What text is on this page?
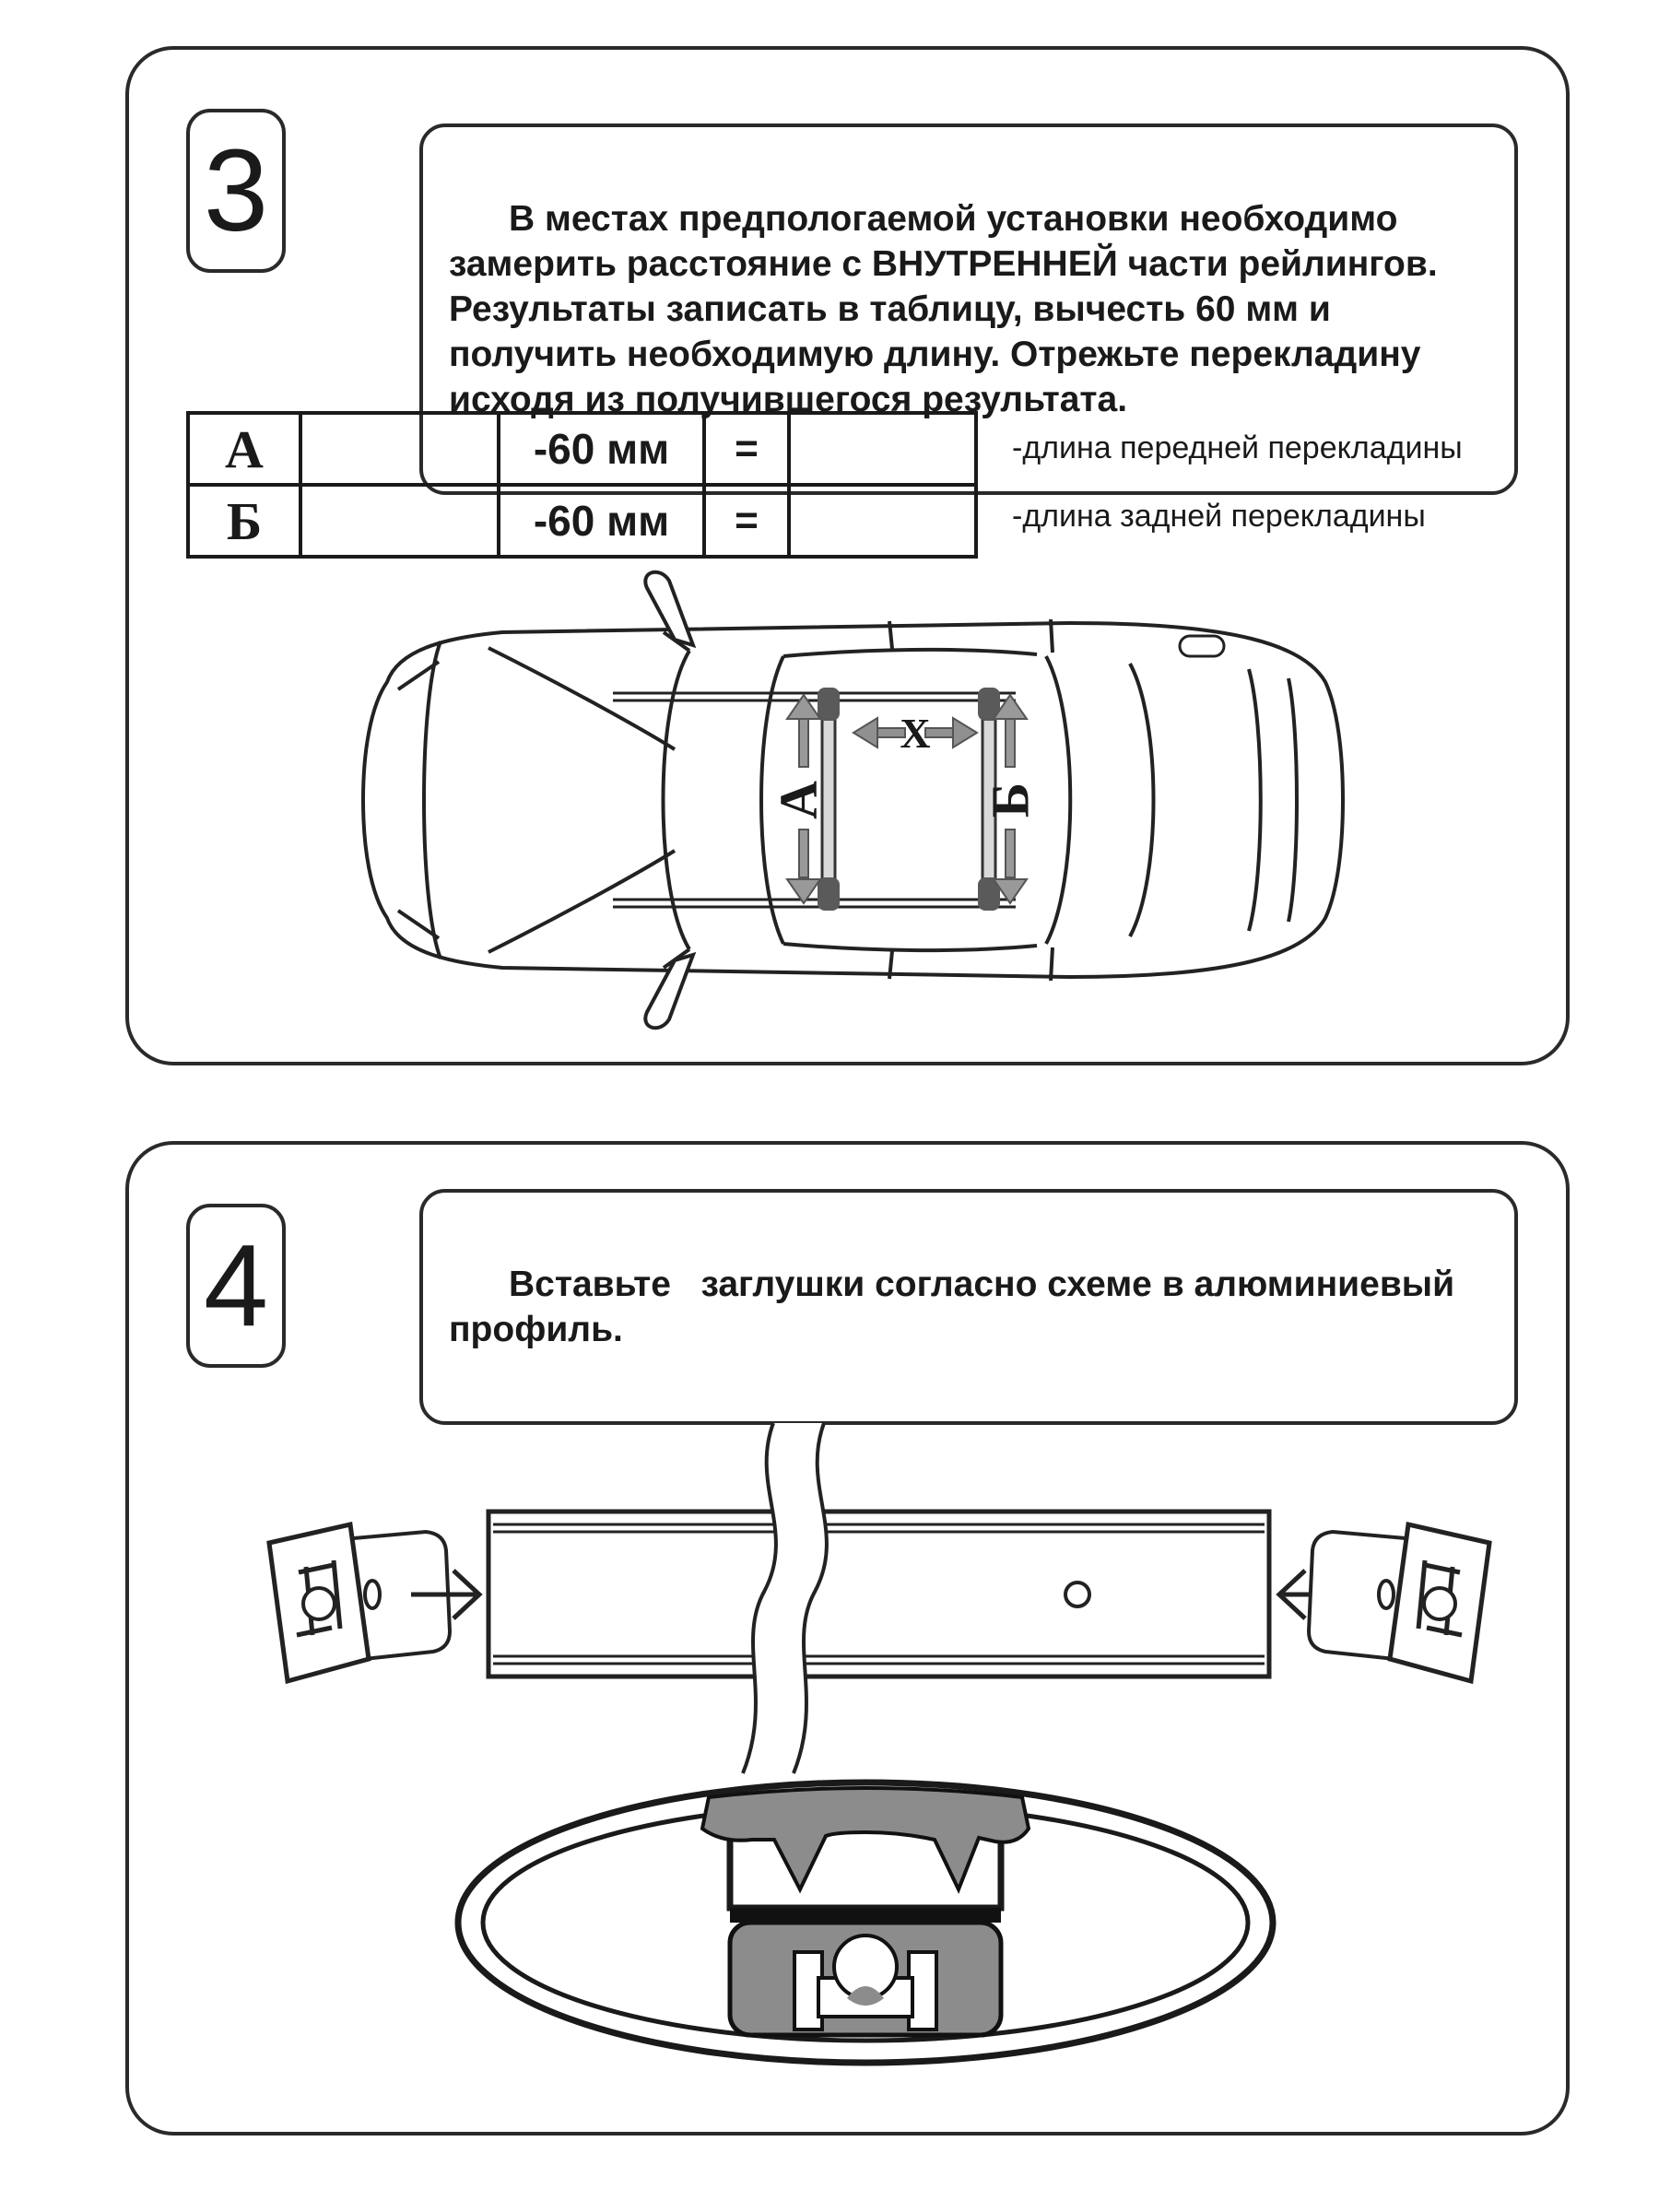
3	В местах предпологаемой установки необходимо замерить расстояние с ВНУТРЕННЕЙ части рейлингов. Результаты записать в таблицу, вычесть 60 мм и получить необходимую длину. Отрежьте перекладину исходя из получившегося результата.

А		-60 мм	=	
Б		-60 мм	=	
-длина передней перекладины
-длина задней перекладины
А	Б
X
4	Вставьте   заглушки согласно схеме в алюминиевый профиль.
